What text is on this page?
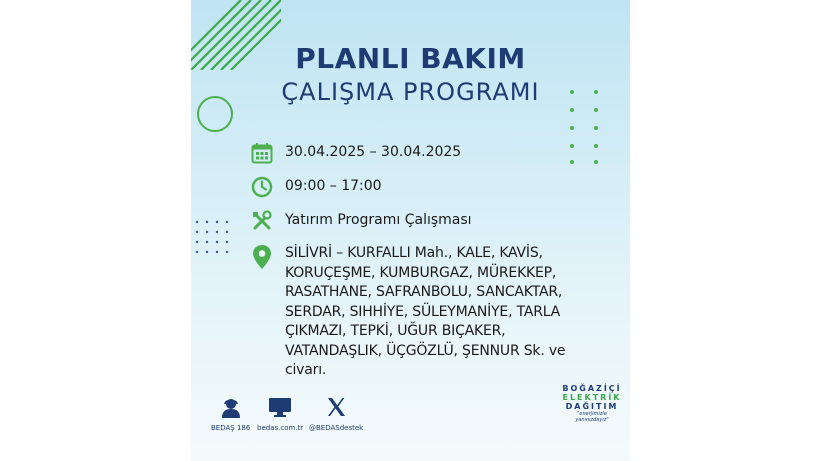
PLANLI BAKIM
ÇALIŞMA PROGRAMI
30.04.2025 – 30.04.2025
09:00 – 17:00
Yatırım Programı Çalışması
SİLİVRİ – KURFALLI Mah., KALE, KAVİS, KORUÇEŞME, KUMBURGAZ, MÜREKKEP, RASATHANE, SAFRANBOLU, SANCAKTAR, SERDAR, SIHHİYE, SÜLEYMANİYE, TARLA ÇIKMAZI, TEPKİ, UĞUR BIÇAKER, VATANDAŞLIK, ÜÇGÖZLÜ, ŞENNUR Sk. ve civarı.
BEDAŞ 186 bedas.com.tr @BEDASdestek
BOĞAZİÇİ
ELEKTRİK
DAĞITIM
"enerjimizle yanınızdayız"
